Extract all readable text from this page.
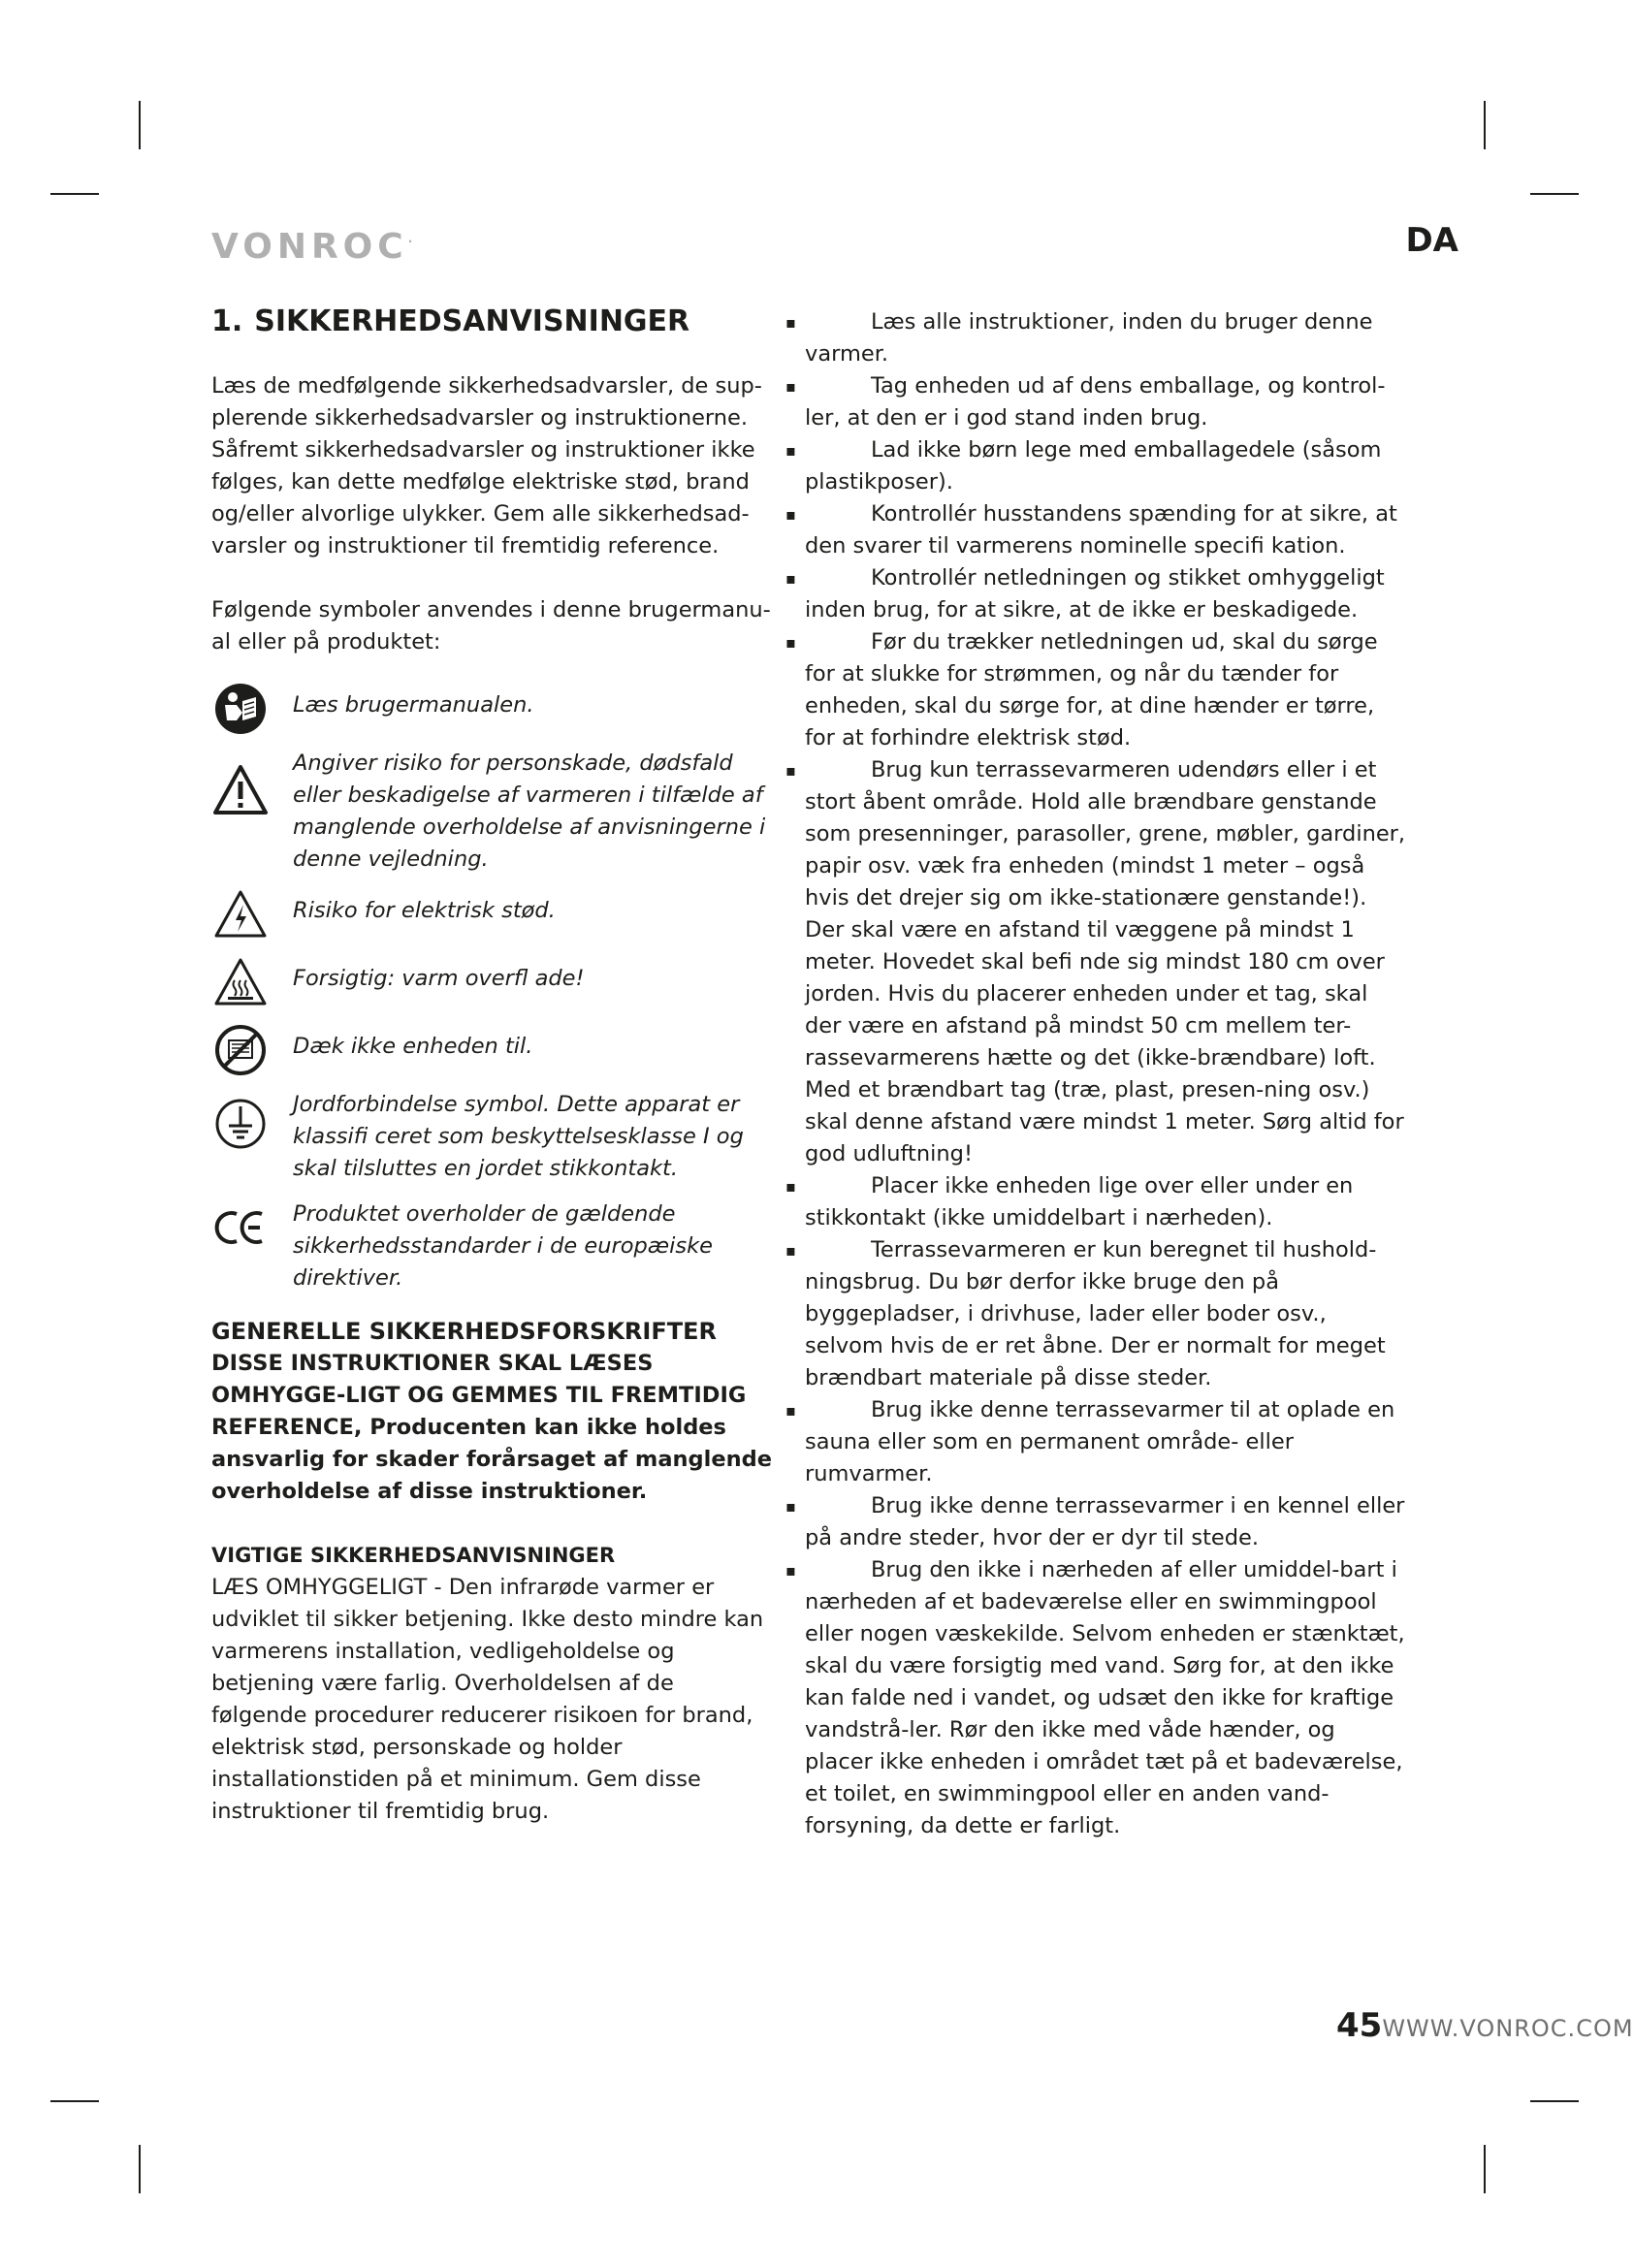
VONROC·	DA
1. SIKKERHEDSANVISNINGER

Læs de medfølgende sikkerhedsadvarsler, de sup-plerende sikkerhedsadvarsler og instruktionerne. Såfremt sikkerhedsadvarsler og instruktioner ikke følges, kan dette medfølge elektriske stød, brand og/eller alvorlige ulykker. Gem alle sikkerhedsad-varsler og instruktioner til fremtidig reference.

Følgende symboler anvendes i denne brugermanu-al eller på produktet:

Læs brugermanualen.
Angiver risiko for personskade, dødsfald eller beskadigelse af varmeren i tilfælde af manglende overholdelse af anvisningerne i denne vejledning.
Risiko for elektrisk stød.
Forsigtig: varm overfl ade!
Dæk ikke enheden til.
Jordforbindelse symbol. Dette apparat er klassifi ceret som beskyttelsesklasse I og skal tilsluttes en jordet stikkontakt.
Produktet overholder de gældende sikkerhedsstandarder i de europæiske direktiver.
GENERELLE SIKKERHEDSFORSKRIFTER

DISSE INSTRUKTIONER SKAL LÆSES OMHYGGE-LIGT OG GEMMES TIL FREMTIDIG REFERENCE, Producenten kan ikke holdes ansvarlig for skader forårsaget af manglende overholdelse af disse instruktioner.

VIGTIGE SIKKERHEDSANVISNINGER

LÆS OMHYGGELIGT - Den infrarøde varmer er udviklet til sikker betjening. Ikke desto mindre kan varmerens installation, vedligeholdelse og betjening være farlig. Overholdelsen af de følgende procedurer reducerer risikoen for brand, elektrisk stød, personskade og holder installationstiden på et minimum. Gem disse instruktioner til fremtidig brug.

▪	Læs alle instruktioner, inden du bruger denne varmer.
▪	Tag enheden ud af dens emballage, og kontrol-ler, at den er i god stand inden brug.
▪	Lad ikke børn lege med emballagedele (såsom plastikposer).
▪	Kontrollér husstandens spænding for at sikre, at den svarer til varmerens nominelle specifi kation.
▪	Kontrollér netledningen og stikket omhyggeligt inden brug, for at sikre, at de ikke er beskadigede.
▪	Før du trækker netledningen ud, skal du sørge for at slukke for strømmen, og når du tænder for enheden, skal du sørge for, at dine hænder er tørre, for at forhindre elektrisk stød.
▪	Brug kun terrassevarmeren udendørs eller i et stort åbent område. Hold alle brændbare genstande som presenninger, parasoller, grene, møbler, gardiner, papir osv. væk fra enheden (mindst 1 meter – også hvis det drejer sig om ikke-stationære genstande!). Der skal være en afstand til væggene på mindst 1 meter. Hovedet skal befi nde sig mindst 180 cm over jorden. Hvis du placerer enheden under et tag, skal der være en afstand på mindst 50 cm mellem ter-rassevarmerens hætte og det (ikke-brændbare) loft. Med et brændbart tag (træ, plast, presen-ning osv.) skal denne afstand være mindst 1 meter. Sørg altid for god udluftning!
▪	Placer ikke enheden lige over eller under en stikkontakt (ikke umiddelbart i nærheden).
▪	Terrassevarmeren er kun beregnet til hushold-ningsbrug. Du bør derfor ikke bruge den på byggepladser, i drivhuse, lader eller boder osv., selvom hvis de er ret åbne. Der er normalt for meget brændbart materiale på disse steder.
▪	Brug ikke denne terrassevarmer til at oplade en sauna eller som en permanent område- eller rumvarmer.
▪	Brug ikke denne terrassevarmer i en kennel eller på andre steder, hvor der er dyr til stede.
▪	Brug den ikke i nærheden af eller umiddel-bart i nærheden af et badeværelse eller en swimmingpool eller nogen væskekilde. Selvom enheden er stænktæt, skal du være forsigtig med vand. Sørg for, at den ikke kan falde ned i vandet, og udsæt den ikke for kraftige vandstrå-ler. Rør den ikke med våde hænder, og placer ikke enheden i området tæt på et badeværelse, et toilet, en swimmingpool eller en anden vand-forsyning, da dette er farligt.
45WWW.VONROC.COM
